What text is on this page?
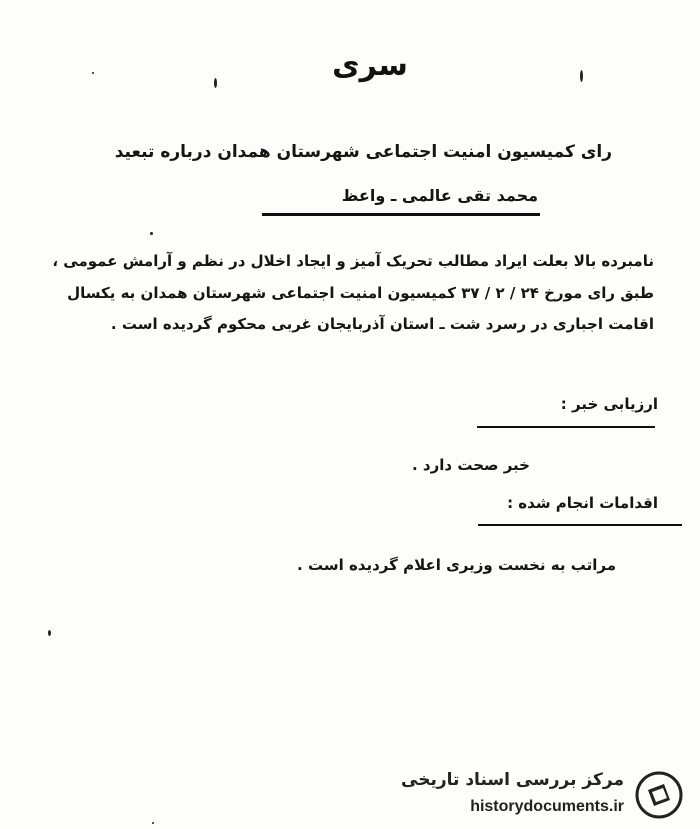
سری
رای کمیسیون امنیت اجتماعی شهرستان همدان درباره تبعید
محمد تقی عالمی ـ واعظ
نامبرده بالا بعلت ایراد مطالب تحریک آمیز و ایجاد اخلال در نظم و آرامش عمومی ،
طبق رای مورخ ۲۴ / ۲ / ۳۷ کمیسیون امنیت اجتماعی شهرستان همدان به یکسال
اقامت اجباری در رسرد شت ـ استان آذربایجان غربی محکوم گردیده است .
ارزیابی خبر :
خبر صحت دارد .
اقدامات انجام شده :
مراتب به نخست وزیری اعلام گردیده است .
مرکز بررسی اسناد تاریخی
historydocuments.ir
